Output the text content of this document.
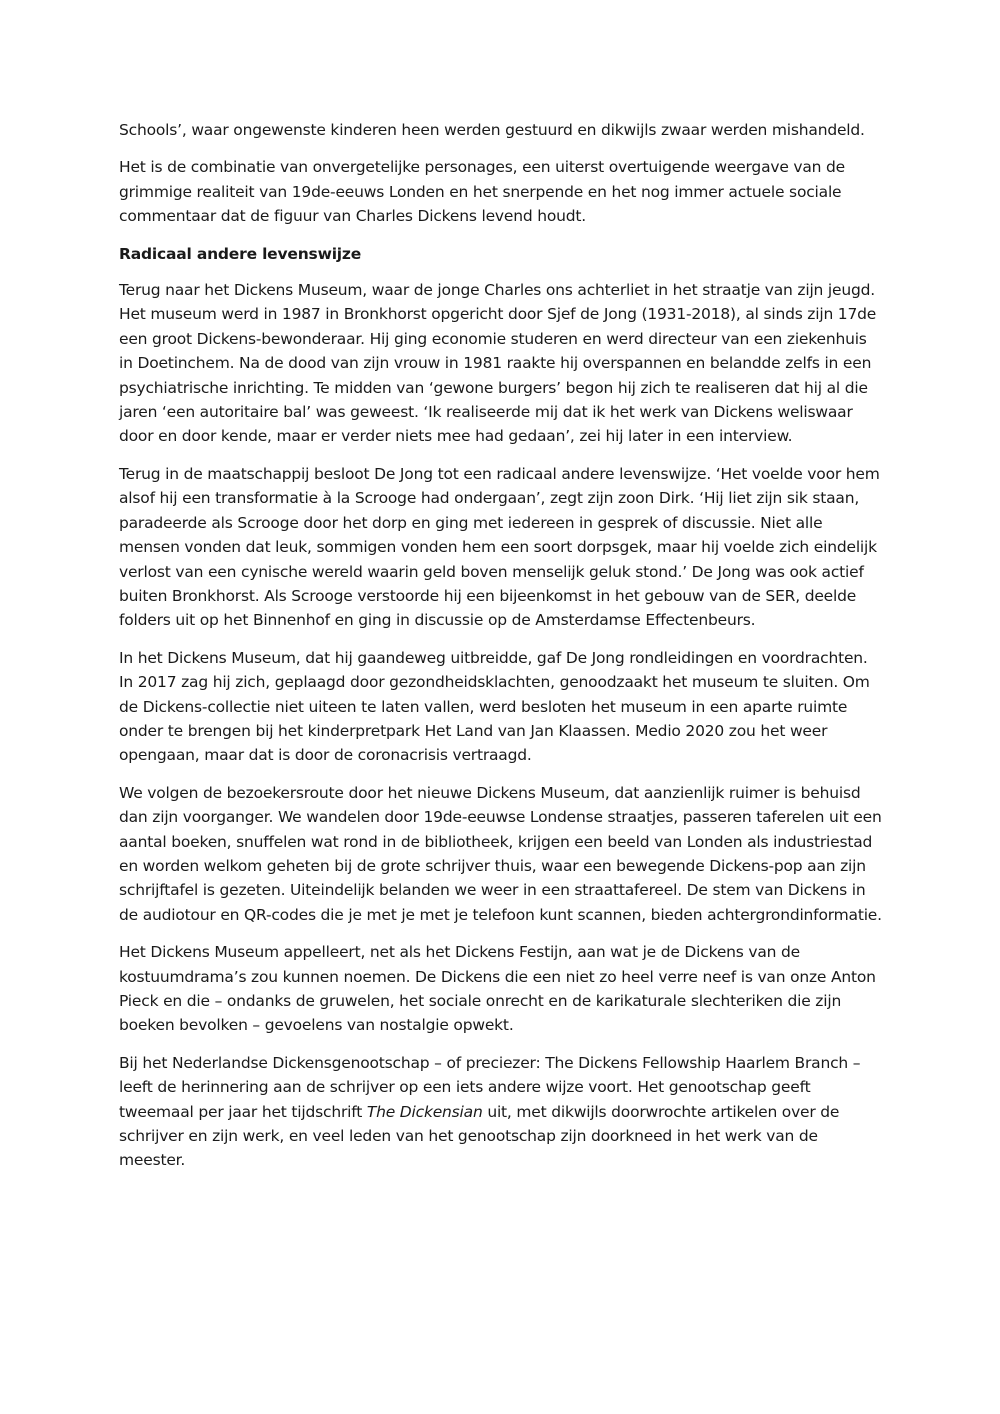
Schools’, waar ongewenste kinderen heen werden gestuurd en dikwijls zwaar werden mishandeld.

Het is de combinatie van onvergetelijke personages, een uiterst overtuigende weergave van de grimmige realiteit van 19de-eeuws Londen en het snerpende en het nog immer actuele sociale commentaar dat de figuur van Charles Dickens levend houdt.

Radicaal andere levenswijze

Terug naar het Dickens Museum, waar de jonge Charles ons achterliet in het straatje van zijn jeugd. Het museum werd in 1987 in Bronkhorst opgericht door Sjef de Jong (1931-2018), al sinds zijn 17de een groot Dickens-bewonderaar. Hij ging economie studeren en werd directeur van een ziekenhuis in Doetinchem. Na de dood van zijn vrouw in 1981 raakte hij overspannen en belandde zelfs in een psychiatrische inrichting. Te midden van ‘gewone burgers’ begon hij zich te realiseren dat hij al die jaren ‘een autoritaire bal’ was geweest. ‘Ik realiseerde mij dat ik het werk van Dickens weliswaar door en door kende, maar er verder niets mee had gedaan’, zei hij later in een interview.

Terug in de maatschappij besloot De Jong tot een radicaal andere levenswijze. ‘Het voelde voor hem alsof hij een transformatie à la Scrooge had ondergaan’, zegt zijn zoon Dirk. ‘Hij liet zijn sik staan, paradeerde als Scrooge door het dorp en ging met iedereen in gesprek of discussie. Niet alle mensen vonden dat leuk, sommigen vonden hem een soort dorpsgek, maar hij voelde zich eindelijk verlost van een cynische wereld waarin geld boven menselijk geluk stond.’ De Jong was ook actief buiten Bronkhorst. Als Scrooge verstoorde hij een bijeenkomst in het gebouw van de SER, deelde folders uit op het Binnenhof en ging in discussie op de Amsterdamse Effectenbeurs.

In het Dickens Museum, dat hij gaandeweg uitbreidde, gaf De Jong rondleidingen en voordrachten. In 2017 zag hij zich, geplaagd door gezondheidsklachten, genoodzaakt het museum te sluiten. Om de Dickens-collectie niet uiteen te laten vallen, werd besloten het museum in een aparte ruimte onder te brengen bij het kinderpretpark Het Land van Jan Klaassen. Medio 2020 zou het weer opengaan, maar dat is door de coronacrisis vertraagd.

We volgen de bezoekersroute door het nieuwe Dickens Museum, dat aanzienlijk ruimer is behuisd dan zijn voorganger. We wandelen door 19de-eeuwse Londense straatjes, passeren taferelen uit een aantal boeken, snuffelen wat rond in de bibliotheek, krijgen een beeld van Londen als industriestad en worden welkom geheten bij de grote schrijver thuis, waar een bewegende Dickens-pop aan zijn schrijftafel is gezeten. Uiteindelijk belanden we weer in een straattafereel. De stem van Dickens in de audiotour en QR-codes die je met je met je telefoon kunt scannen, bieden achtergrondinformatie.

Het Dickens Museum appelleert, net als het Dickens Festijn, aan wat je de Dickens van de kostuumdrama’s zou kunnen noemen. De Dickens die een niet zo heel verre neef is van onze Anton Pieck en die – ondanks de gruwelen, het sociale onrecht en de karikaturale slechteriken die zijn boeken bevolken – gevoelens van nostalgie opwekt.

Bij het Nederlandse Dickensgenootschap – of preciezer: The Dickens Fellowship Haarlem Branch – leeft de herinnering aan de schrijver op een iets andere wijze voort. Het genootschap geeft tweemaal per jaar het tijdschrift The Dickensian uit, met dikwijls doorwrochte artikelen over de schrijver en zijn werk, en veel leden van het genootschap zijn doorkneed in het werk van de meester.
